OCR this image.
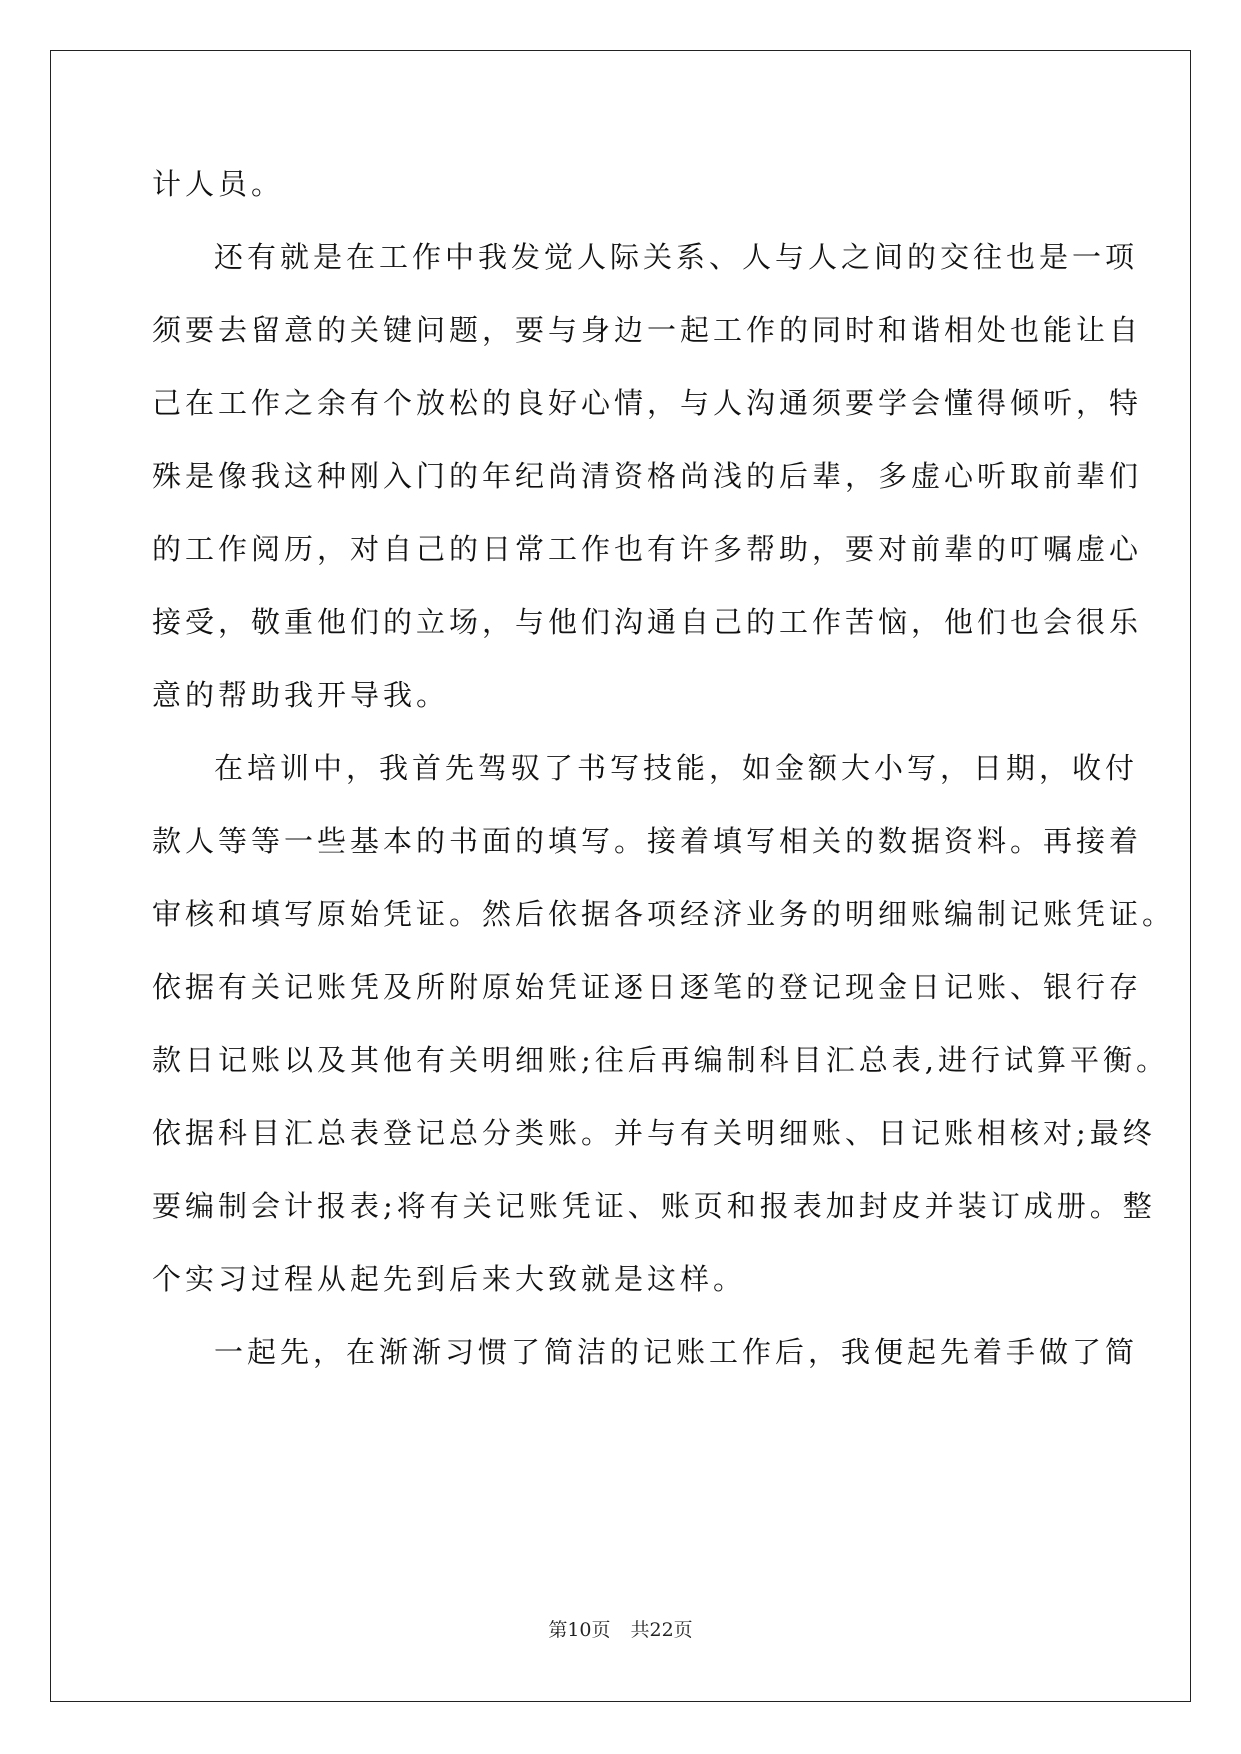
计人员。
还有就是在工作中我发觉人际关系、人与人之间的交往也是一项
须要去留意的关键问题，要与身边一起工作的同时和谐相处也能让自
己在工作之余有个放松的良好心情，与人沟通须要学会懂得倾听，特
殊是像我这种刚入门的年纪尚清资格尚浅的后辈，多虚心听取前辈们
的工作阅历，对自己的日常工作也有许多帮助，要对前辈的叮嘱虚心
接受，敬重他们的立场，与他们沟通自己的工作苦恼，他们也会很乐
意的帮助我开导我。
在培训中，我首先驾驭了书写技能，如金额大小写，日期，收付
款人等等一些基本的书面的填写。接着填写相关的数据资料。再接着
审核和填写原始凭证。然后依据各项经济业务的明细账编制记账凭证。
依据有关记账凭及所附原始凭证逐日逐笔的登记现金日记账、银行存
款日记账以及其他有关明细账;往后再编制科目汇总表,进行试算平衡。
依据科目汇总表登记总分类账。并与有关明细账、日记账相核对;最终
要编制会计报表;将有关记账凭证、账页和报表加封皮并装订成册。整
个实习过程从起先到后来大致就是这样。
一起先，在渐渐习惯了简洁的记账工作后，我便起先着手做了简
第10页 共22页
